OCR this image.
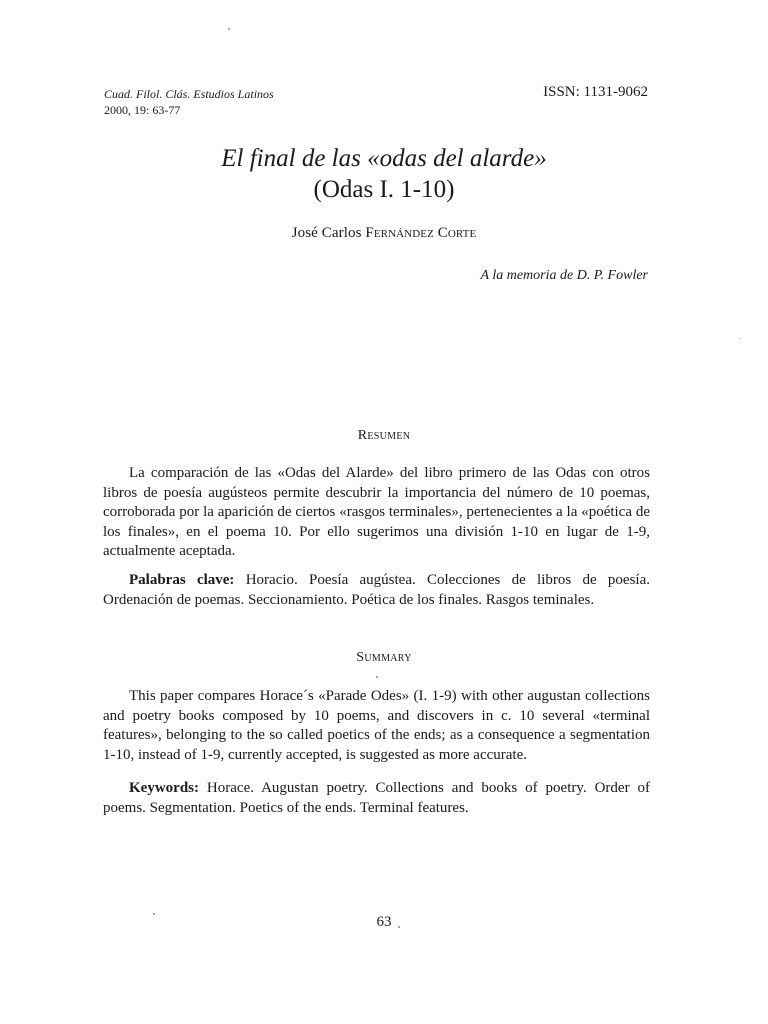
Cuad. Filol. Clás. Estudios Latinos
2000, 19: 63-77
ISSN: 1131-9062
El final de las «odas del alarde»
(Odas I. 1-10)
José Carlos Fernández Corte
A la memoria de D. P. Fowler
Resumen

La comparación de las «Odas del Alarde» del libro primero de las Odas con otros libros de poesía augústeos permite descubrir la importancia del número de 10 poemas, corroborada por la aparición de ciertos «rasgos terminales», pertenecientes a la «poética de los finales», en el poema 10. Por ello sugerimos una división 1-10 en lugar de 1-9, actualmente aceptada.

Palabras clave: Horacio. Poesía augústea. Colecciones de libros de poesía. Ordenación de poemas. Seccionamiento. Poética de los finales. Rasgos teminales.

Summary

This paper compares Horace´s «Parade Odes» (I. 1-9) with other augustan collections and poetry books composed by 10 poems, and discovers in c. 10 several «terminal features», belonging to the so called poetics of the ends; as a consequence a segmentation 1-10, instead of 1-9, currently accepted, is suggested as more accurate.

Keywords: Horace. Augustan poetry. Collections and books of poetry. Order of poems. Segmentation. Poetics of the ends. Terminal features.

63
